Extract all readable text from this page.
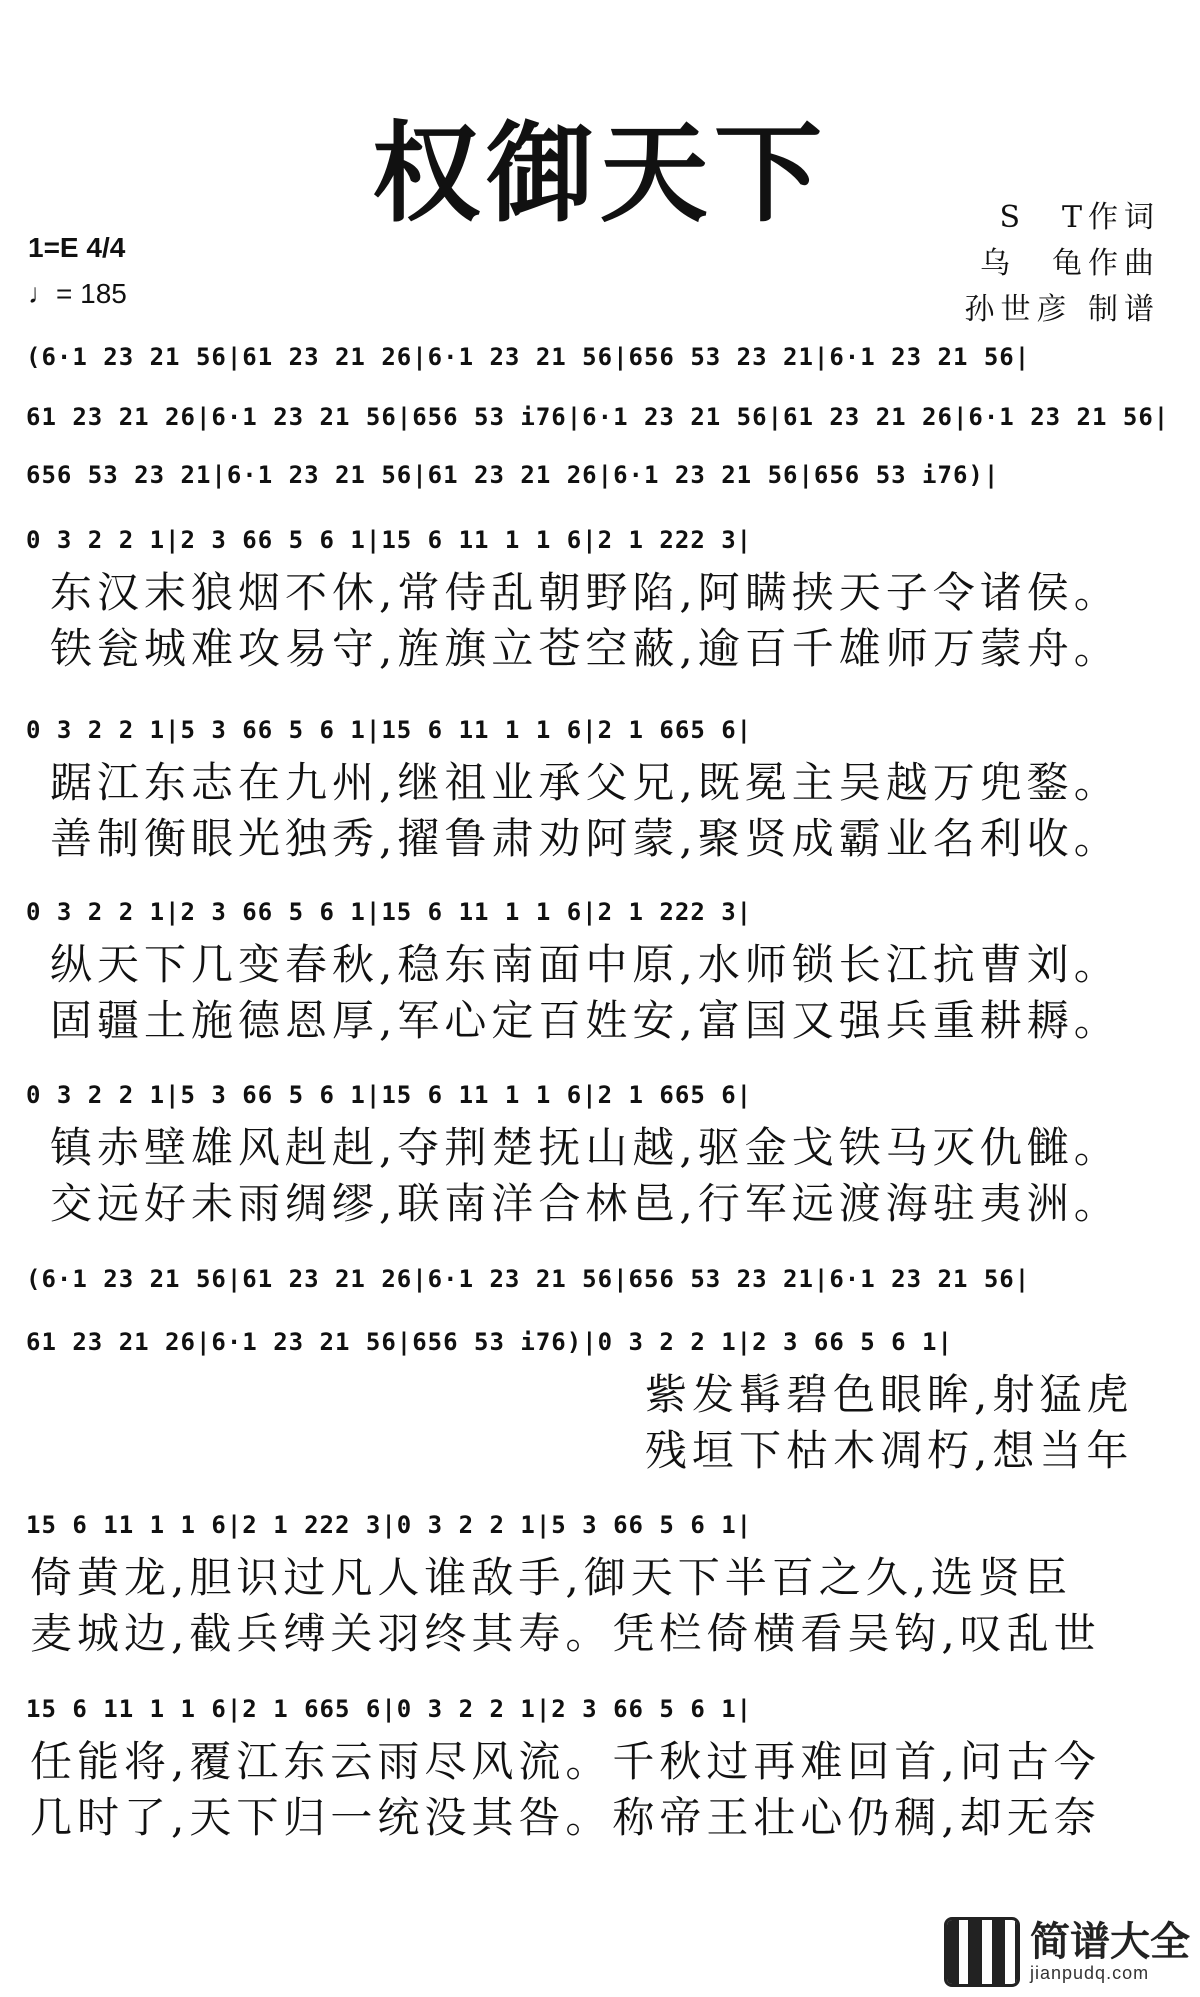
权御天下	S　T作词
乌　龟作曲
孙世彦 制谱
1=E 4/4
♩= 185
(6·1 23 21 56|61 23 21 26|6·1 23 21 56|656 53 23 21|6·1 23 21 56|
61 23 21 26|6·1 23 21 56|656 53 i76|6·1 23 21 56|61 23 21 26|6·1 23 21 56|
656 53 23 21|6·1 23 21 56|61 23 21 26|6·1 23 21 56|656 53 i76)|
0 3 2 2 1|2 3 66 5 6 1|15 6 11 1 1 6|2 1 222 3|
东汉末狼烟不休,常侍乱朝野陷,阿瞒挟天子令诸侯。
铁瓮城难攻易守,旌旗立苍空蔽,逾百千雄师万蒙舟。
0 3 2 2 1|5 3 66 5 6 1|15 6 11 1 1 6|2 1 665 6|
踞江东志在九州,继祖业承父兄,既冕主吴越万兜鍪。
善制衡眼光独秀,擢鲁肃劝阿蒙,聚贤成霸业名利收。
0 3 2 2 1|2 3 66 5 6 1|15 6 11 1 1 6|2 1 222 3|
纵天下几变春秋,稳东南面中原,水师锁长江抗曹刘。
固疆土施德恩厚,军心定百姓安,富国又强兵重耕耨。
0 3 2 2 1|5 3 66 5 6 1|15 6 11 1 1 6|2 1 665 6|
镇赤壁雄风赳赳,夺荆楚抚山越,驱金戈铁马灭仇雠。
交远好未雨绸缪,联南洋合林邑,行军远渡海驻夷洲。
(6·1 23 21 56|61 23 21 26|6·1 23 21 56|656 53 23 21|6·1 23 21 56|
61 23 21 26|6·1 23 21 56|656 53 i76)|0 3 2 2 1|2 3 66 5 6 1|
紫发髯碧色眼眸,射猛虎
残垣下枯木凋朽,想当年
15 6 11 1 1 6|2 1 222 3|0 3 2 2 1|5 3 66 5 6 1|
倚黄龙,胆识过凡人谁敌手,御天下半百之久,选贤臣
麦城边,截兵缚关羽终其寿。凭栏倚横看吴钩,叹乱世
15 6 11 1 1 6|2 1 665 6|0 3 2 2 1|2 3 66 5 6 1|
任能将,覆江东云雨尽风流。千秋过再难回首,问古今
几时了,天下归一统没其咎。称帝王壮心仍稠,却无奈
简谱大全
jianpudq.com
